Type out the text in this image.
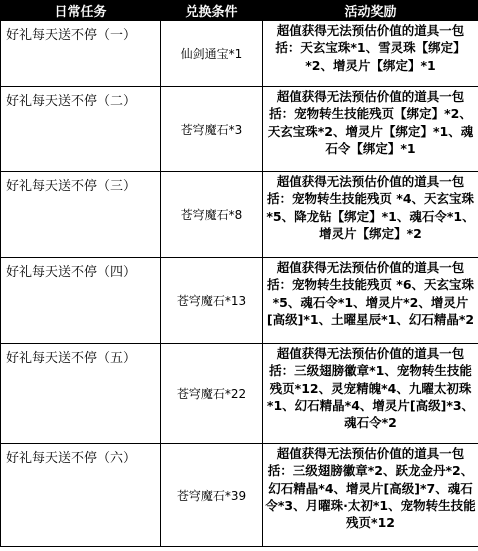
日常任务	兑换条件	活动奖励
好礼每天送不停（一）	仙剑通宝*1	超值获得无法预估价值的道具一包括：天玄宝珠*1、雪灵珠【绑定】*2、增灵片【绑定】*1
好礼每天送不停（二）	苍穹魔石*3	超值获得无法预估价值的道具一包括：宠物转生技能残页【绑定】*2、天玄宝珠*2、增灵片【绑定】*1、魂石令【绑定】*1
好礼每天送不停（三）	苍穹魔石*8	超值获得无法预估价值的道具一包括：宠物转生技能残页 *4、天玄宝珠*5、降龙钻【绑定】*1、魂石令*1、增灵片【绑定】*2
好礼每天送不停（四）	苍穹魔石*13	超值获得无法预估价值的道具一包括：宠物转生技能残页 *6、天玄宝珠*5、魂石令*1、增灵片*2、增灵片[高级]*1、土曜星辰*1、幻石精晶*2
好礼每天送不停（五）	苍穹魔石*22	超值获得无法预估价值的道具一包括：三级翅膀徽章*1、宠物转生技能残页*12、灵宠精魄*4、九曜太初珠*1、幻石精晶*4、增灵片[高级]*3、魂石令*2
好礼每天送不停（六）	苍穹魔石*39	超值获得无法预估价值的道具一包括：三级翅膀徽章*2、跃龙金丹*2、幻石精晶*4、增灵片[高级]*7、魂石令*3、月曜珠·太初*1、宠物转生技能残页*12
